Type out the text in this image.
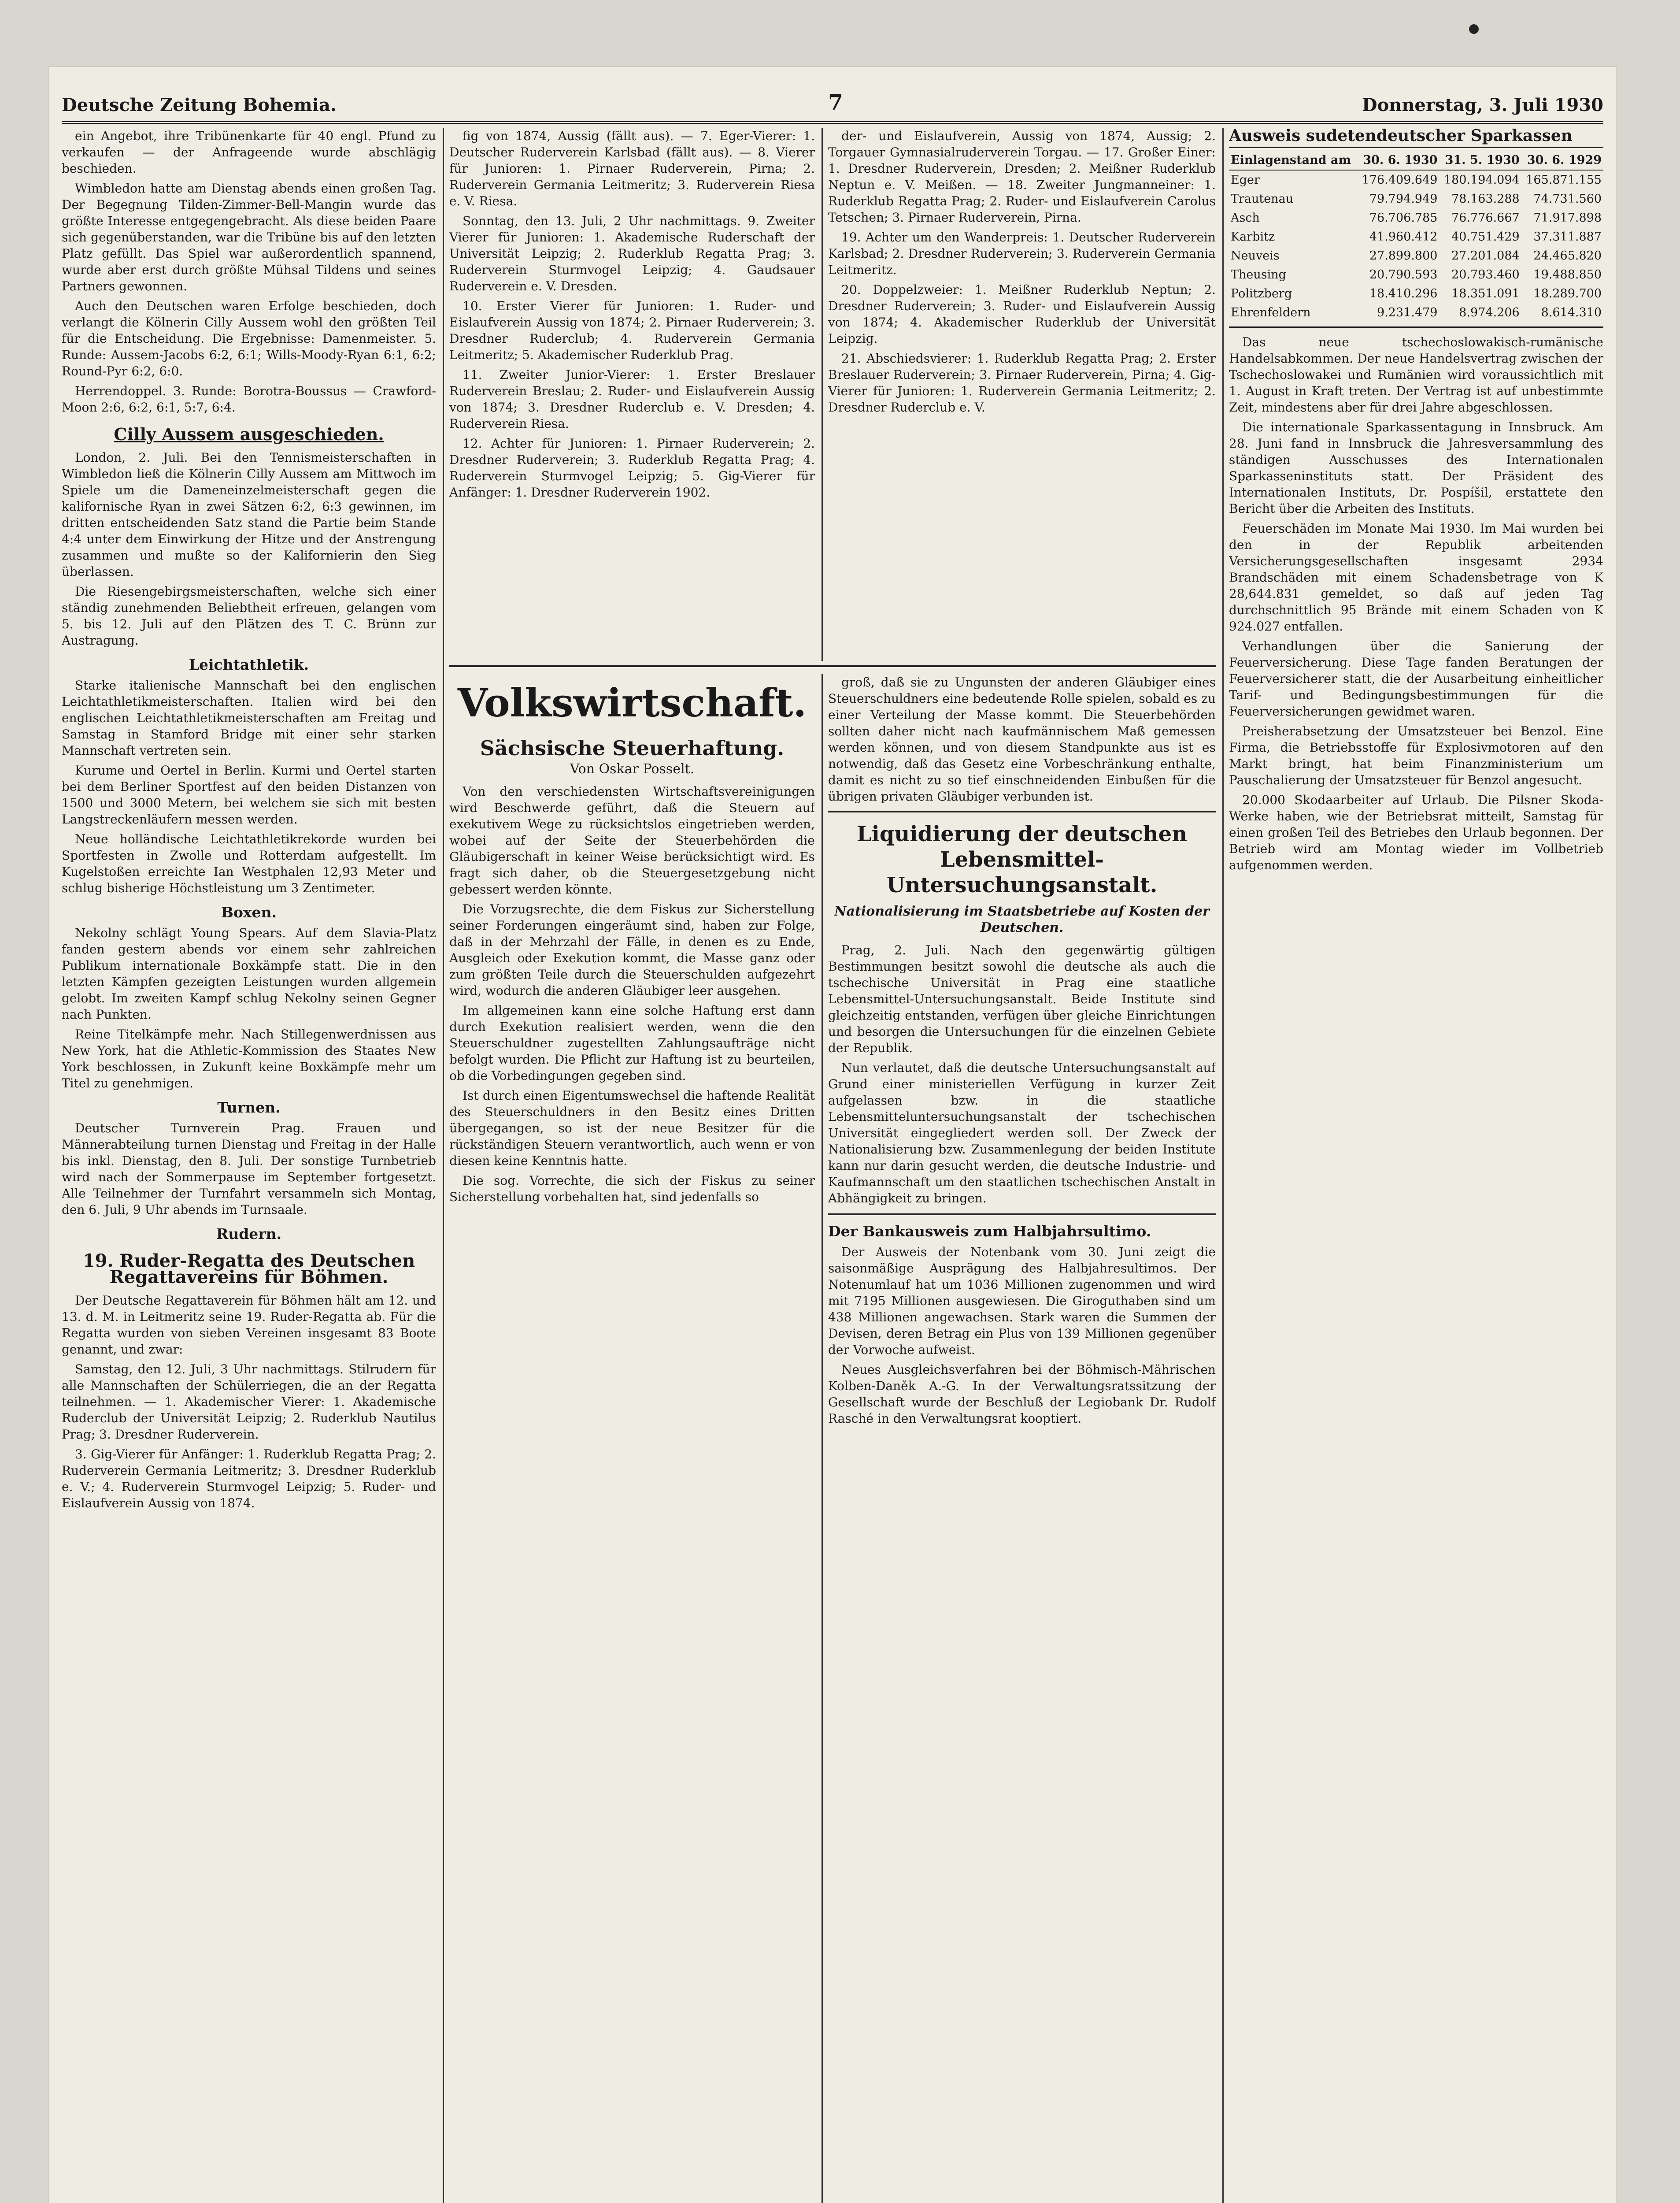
Deutsche Zeitung Bohemia.	7	Donnerstag, 3. Juli 1930

ein Angebot, ihre Tribünenkarte für 40 engl. Pfund zu verkaufen — der Anfrageende wurde abschlägig beschieden.

Wimbledon hatte am Dienstag abends einen großen Tag. Der Begegnung Tilden-Zimmer-Bell-Mangin wurde das größte Interesse entgegengebracht. Als diese beiden Paare sich gegenüberstanden, war die Tribüne bis auf den letzten Platz gefüllt. Das Spiel war außerordentlich spannend, wurde aber erst durch größte Mühsal Tildens und seines Partners gewonnen.

Auch den Deutschen waren Erfolge beschieden, doch verlangt die Kölnerin Cilly Aussem wohl den größten Teil für die Entscheidung. Die Ergebnisse: Damenmeister. 5. Runde: Aussem-Jacobs 6:2, 6:1; Wills-Moody-Ryan 6:1, 6:2; Round-Pyr 6:2, 6:0.

Herrendoppel. 3. Runde: Borotra-Boussus — Crawford-Moon 2:6, 6:2, 6:1, 5:7, 6:4.

Cilly Aussem ausgeschieden.

London, 2. Juli. Bei den Tennismeisterschaften in Wimbledon ließ die Kölnerin Cilly Aussem am Mittwoch im Spiele um die Dameneinzelmeisterschaft gegen die kalifornische Ryan in zwei Sätzen 6:2, 6:3 gewinnen, im dritten entscheidenden Satz stand die Partie beim Stande 4:4 unter dem Einwirkung der Hitze und der Anstrengung zusammen und mußte so der Kalifornierin den Sieg überlassen.

Die Riesengebirgsmeisterschaften, welche sich einer ständig zunehmenden Beliebtheit erfreuen, gelangen vom 5. bis 12. Juli auf den Plätzen des T. C. Brünn zur Austragung.

Leichtathletik.

Starke italienische Mannschaft bei den englischen Leichtathletikmeisterschaften. Italien wird bei den englischen Leichtathletikmeisterschaften am Freitag und Samstag in Stamford Bridge mit einer sehr starken Mannschaft vertreten sein.

Kurume und Oertel in Berlin. Kurmi und Oertel starten bei dem Berliner Sportfest auf den beiden Distanzen von 1500 und 3000 Metern, bei welchem sie sich mit besten Langstreckenläufern messen werden.

Neue holländische Leichtathletikrekorde wurden bei Sportfesten in Zwolle und Rotterdam aufgestellt. Im Kugelstoßen erreichte Ian Westphalen 12,93 Meter und schlug bisherige Höchstleistung um 3 Zentimeter.

Boxen.

Nekolny schlägt Young Spears. Auf dem Slavia-Platz fanden gestern abends vor einem sehr zahlreichen Publikum internationale Boxkämpfe statt. Die in den letzten Kämpfen gezeigten Leistungen wurden allgemein gelobt. Im zweiten Kampf schlug Nekolny seinen Gegner nach Punkten.

Reine Titelkämpfe mehr. Nach Stillegenwerdnissen aus New York, hat die Athletic-Kommission des Staates New York beschlossen, in Zukunft keine Boxkämpfe mehr um Titel zu genehmigen.

Turnen.

Deutscher Turnverein Prag. Frauen und Männerabteilung turnen Dienstag und Freitag in der Halle bis inkl. Dienstag, den 8. Juli. Der sonstige Turnbetrieb wird nach der Sommerpause im September fortgesetzt. Alle Teilnehmer der Turnfahrt versammeln sich Montag, den 6. Juli, 9 Uhr abends im Turnsaale.

Rudern.
19. Ruder-Regatta des Deutschen Regattavereins für Böhmen.

Der Deutsche Regattaverein für Böhmen hält am 12. und 13. d. M. in Leitmeritz seine 19. Ruder-Regatta ab. Für die Regatta wurden von sieben Vereinen insgesamt 83 Boote genannt, und zwar:

Samstag, den 12. Juli, 3 Uhr nachmittags. Stilrudern für alle Mannschaften der Schülerriegen, die an der Regatta teilnehmen. — 1. Akademischer Vierer: 1. Akademische Ruderclub der Universität Leipzig; 2. Ruderklub Nautilus Prag; 3. Dresdner Ruderverein.

3. Gig-Vierer für Anfänger: 1. Ruderklub Regatta Prag; 2. Ruderverein Germania Leitmeritz; 3. Dresdner Ruderklub e. V.; 4. Ruderverein Sturmvogel Leipzig; 5. Ruder- und Eislaufverein Aussig von 1874.

fig von 1874, Aussig (fällt aus). — 7. Eger-Vierer: 1. Deutscher Ruderverein Karlsbad (fällt aus). — 8. Vierer für Junioren: 1. Pirnaer Ruderverein, Pirna; 2. Ruderverein Germania Leitmeritz; 3. Ruderverein Riesa e. V. Riesa.

Sonntag, den 13. Juli, 2 Uhr nachmittags. 9. Zweiter Vierer für Junioren: 1. Akademische Ruderschaft der Universität Leipzig; 2. Ruderklub Regatta Prag; 3. Ruderverein Sturmvogel Leipzig; 4. Gaudsauer Ruderverein e. V. Dresden.

10. Erster Vierer für Junioren: 1. Ruder- und Eislaufverein Aussig von 1874; 2. Pirnaer Ruderverein; 3. Dresdner Ruderclub; 4. Ruderverein Germania Leitmeritz; 5. Akademischer Ruderklub Prag.

11. Zweiter Junior-Vierer: 1. Erster Breslauer Ruderverein Breslau; 2. Ruder- und Eislaufverein Aussig von 1874; 3. Dresdner Ruderclub e. V. Dresden; 4. Ruderverein Riesa.

12. Achter für Junioren: 1. Pirnaer Ruderverein; 2. Dresdner Ruderverein; 3. Ruderklub Regatta Prag; 4. Ruderverein Sturmvogel Leipzig; 5. Gig-Vierer für Anfänger: 1. Dresdner Ruderverein 1902.

der- und Eislaufverein, Aussig von 1874, Aussig; 2. Torgauer Gymnasialruderverein Torgau. — 17. Großer Einer: 1. Dresdner Ruderverein, Dresden; 2. Meißner Ruderklub Neptun e. V. Meißen. — 18. Zweiter Jungmanneiner: 1. Ruderklub Regatta Prag; 2. Ruder- und Eislaufverein Carolus Tetschen; 3. Pirnaer Ruderverein, Pirna.

19. Achter um den Wanderpreis: 1. Deutscher Ruderverein Karlsbad; 2. Dresdner Ruderverein; 3. Ruderverein Germania Leitmeritz.

20. Doppelzweier: 1. Meißner Ruderklub Neptun; 2. Dresdner Ruderverein; 3. Ruder- und Eislaufverein Aussig von 1874; 4. Akademischer Ruderklub der Universität Leipzig.

21. Abschiedsvierer: 1. Ruderklub Regatta Prag; 2. Erster Breslauer Ruderverein; 3. Pirnaer Ruderverein, Pirna; 4. Gig-Vierer für Junioren: 1. Ruderverein Germania Leitmeritz; 2. Dresdner Ruderclub e. V.

Volkswirtschaft.
Sächsische Steuerhaftung.
Von Oskar Posselt.

Von den verschiedensten Wirtschaftsvereinigungen wird Beschwerde geführt, daß die Steuern auf exekutivem Wege zu rücksichtslos eingetrieben werden, wobei auf der Seite der Steuerbehörden die Gläubigerschaft in keiner Weise berücksichtigt wird. Es fragt sich daher, ob die Steuergesetzgebung nicht gebessert werden könnte.

Die Vorzugsrechte, die dem Fiskus zur Sicherstellung seiner Forderungen eingeräumt sind, haben zur Folge, daß in der Mehrzahl der Fälle, in denen es zu Ende, Ausgleich oder Exekution kommt, die Masse ganz oder zum größten Teile durch die Steuerschulden aufgezehrt wird, wodurch die anderen Gläubiger leer ausgehen.

Im allgemeinen kann eine solche Haftung erst dann durch Exekution realisiert werden, wenn die den Steuerschuldner zugestellten Zahlungsaufträge nicht befolgt wurden. Die Pflicht zur Haftung ist zu beurteilen, ob die Vorbedingungen gegeben sind.

Ist durch einen Eigentumswechsel die haftende Realität des Steuerschuldners in den Besitz eines Dritten übergegangen, so ist der neue Besitzer für die rückständigen Steuern verantwortlich, auch wenn er von diesen keine Kenntnis hatte.

Die sog. Vorrechte, die sich der Fiskus zu seiner Sicherstellung vorbehalten hat, sind jedenfalls so

groß, daß sie zu Ungunsten der anderen Gläubiger eines Steuerschuldners eine bedeutende Rolle spielen, sobald es zu einer Verteilung der Masse kommt. Die Steuerbehörden sollten daher nicht nach kaufmännischem Maß gemessen werden können, und von diesem Standpunkte aus ist es notwendig, daß das Gesetz eine Vorbeschränkung enthalte, damit es nicht zu so tief einschneidenden Einbußen für die übrigen privaten Gläubiger verbunden ist.

Liquidierung der deutschen Lebensmittel-Untersuchungsanstalt.
Nationalisierung im Staatsbetriebe auf Kosten der Deutschen.

Prag, 2. Juli. Nach den gegenwärtig gültigen Bestimmungen besitzt sowohl die deutsche als auch die tschechische Universität in Prag eine staatliche Lebensmittel-Untersuchungsanstalt. Beide Institute sind gleichzeitig entstanden, verfügen über gleiche Einrichtungen und besorgen die Untersuchungen für die einzelnen Gebiete der Republik.

Nun verlautet, daß die deutsche Untersuchungsanstalt auf Grund einer ministeriellen Verfügung in kurzer Zeit aufgelassen bzw. in die staatliche Lebensmitteluntersuchungsanstalt der tschechischen Universität eingegliedert werden soll. Der Zweck der Nationalisierung bzw. Zusammenlegung der beiden Institute kann nur darin gesucht werden, die deutsche Industrie- und Kaufmannschaft um den staatlichen tschechischen Anstalt in Abhängigkeit zu bringen.

Der Bankausweis zum Halbjahrsultimo.

Der Ausweis der Notenbank vom 30. Juni zeigt die saisonmäßige Ausprägung des Halbjahresultimos. Der Notenumlauf hat um 1036 Millionen zugenommen und wird mit 7195 Millionen ausgewiesen. Die Giroguthaben sind um 438 Millionen angewachsen. Stark waren die Summen der Devisen, deren Betrag ein Plus von 139 Millionen gegenüber der Vorwoche aufweist.

Neues Ausgleichsverfahren bei der Böhmisch-Mährischen Kolben-Daněk A.-G. In der Verwaltungsratssitzung der Gesellschaft wurde der Beschluß der Legiobank Dr. Rudolf Rasché in den Verwaltungsrat kooptiert.

Ausweis sudetendeutscher Sparkassen
Einlagenstand am	30. 6. 1930	31. 5. 1930	30. 6. 1929
Eger	176.409.649	180.194.094	165.871.155
Trautenau	79.794.949	78.163.288	74.731.560
Asch	76.706.785	76.776.667	71.917.898
Karbitz	41.960.412	40.751.429	37.311.887
Neuveis	27.899.800	27.201.084	24.465.820
Theusing	20.790.593	20.793.460	19.488.850
Politzberg	18.410.296	18.351.091	18.289.700
Ehrenfeldern	9.231.479	8.974.206	8.614.310

Das neue tschechoslowakisch-rumänische Handelsabkommen. Der neue Handelsvertrag zwischen der Tschechoslowakei und Rumänien wird voraussichtlich mit 1. August in Kraft treten. Der Vertrag ist auf unbestimmte Zeit, mindestens aber für drei Jahre abgeschlossen.

Die internationale Sparkassentagung in Innsbruck. Am 28. Juni fand in Innsbruck die Jahresversammlung des ständigen Ausschusses des Internationalen Sparkasseninstituts statt. Der Präsident des Internationalen Instituts, Dr. Pospíšil, erstattete den Bericht über die Arbeiten des Instituts.

Feuerschäden im Monate Mai 1930. Im Mai wurden bei den in der Republik arbeitenden Versicherungsgesellschaften insgesamt 2934 Brandschäden mit einem Schadensbetrage von K 28,644.831 gemeldet, so daß auf jeden Tag durchschnittlich 95 Brände mit einem Schaden von K 924.027 entfallen.

Verhandlungen über die Sanierung der Feuerversicherung. Diese Tage fanden Beratungen der Feuerversicherer statt, die der Ausarbeitung einheitlicher Tarif- und Bedingungsbestimmungen für die Feuerversicherungen gewidmet waren.

Preisherabsetzung der Umsatzsteuer bei Benzol. Eine Firma, die Betriebsstoffe für Explosivmotoren auf den Markt bringt, hat beim Finanzministerium um Pauschalierung der Umsatzsteuer für Benzol angesucht.

20.000 Skodaarbeiter auf Urlaub. Die Pilsner Skoda-Werke haben, wie der Betriebsrat mitteilt, Samstag für einen großen Teil des Betriebes den Urlaub begonnen. Der Betrieb wird am Montag wieder im Vollbetrieb aufgenommen werden.
